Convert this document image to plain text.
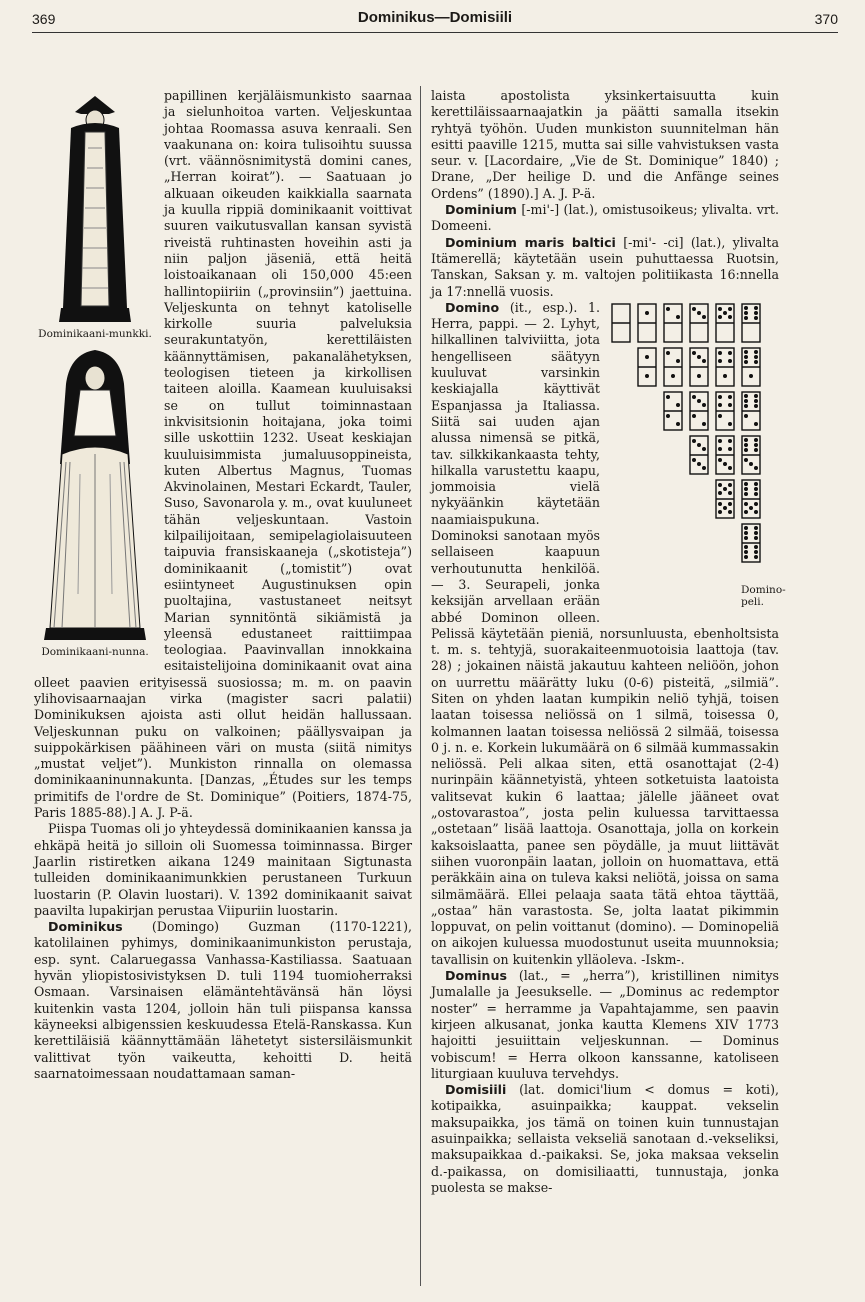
369	Dominikus—Domisiili	370
Dominikaani-munkki.
Dominikaani-nunna.

papillinen kerjäläismunkisto saarnaa ja sielunhoitoa varten. Veljeskuntaa johtaa Roomassa asuva kenraali. Sen vaakunana on: koira tulisoihtu suussa (vrt. väännösnimitystä domini canes, „Herran koirat”). — Saatuaan jo alkuaan oikeuden kaikkialla saarnata ja kuulla rippiä dominikaanit voittivat suuren vaikutusvallan kansan syvistä riveistä ruhtinasten hoveihin asti ja niin paljon jäseniä, että heitä loistoaikanaan oli 150,000 45:een hallintopiiriin („provinsiin”) jaettuina. Veljeskunta on tehnyt katoliselle kirkolle suuria palveluksia seurakuntatyön, kerettiläisten käännyttämisen, pakanalähetyksen, teologisen tieteen ja kirkollisen taiteen aloilla. Kaamean kuuluisaksi se on tullut toiminnastaan inkvisitsionin hoitajana, joka toimi sille uskottiin 1232. Useat keskiajan kuuluisimmista jumaluusoppineista, kuten Albertus Magnus, Tuomas Akvinolainen, Mestari Eckardt, Tauler, Suso, Savonarola y. m., ovat kuuluneet tähän veljeskuntaan. Vastoin kilpailijoitaan, semipelagiolaisuuteen taipuvia fransiskaaneja („skotisteja”) dominikaanit („tomistit”) ovat esiintyneet Augustinuksen opin puoltajina, vastustaneet neitsyt Marian synnitöntä sikiämistä ja yleensä edustaneet raittiimpaa teologiaa. Paavinvallan innokkaina esitaistelijoina dominikaanit ovat aina olleet paavien erityisessä suosiossa; m. m. on paavin ylihovisaarnaajan virka (magister sacri palatii) Dominikuksen ajoista asti ollut heidän hallussaan. Veljeskunnan puku on valkoinen; päällysvaipan ja suippokärkisen päähineen väri on musta (siitä nimitys „mustat veljet”). Munkiston rinnalla on olemassa dominikaaninunnakunta. [Danzas, „Études sur les temps primitifs de l'ordre de St. Dominique” (Poitiers, 1874-75, Paris 1885-88).] A. J. P-ä.

Piispa Tuomas oli jo yhteydessä dominikaanien kanssa ja ehkäpä heitä jo silloin oli Suomessa toiminnassa. Birger Jaarlin ristiretken aikana 1249 mainitaan Sigtunasta tulleiden dominikaanimunkkien perustaneen Turkuun luostarin (P. Olavin luostari). V. 1392 dominikaanit saivat paavilta lupakirjan perustaa Viipuriin luostarin.

Dominikus (Domingo) Guzman (1170-1221), katolilainen pyhimys, dominikaanimunkiston perustaja, esp. synt. Calaruegassa Vanhassa-Kastiliassa. Saatuaan hyvän yliopistosivistyksen D. tuli 1194 tuomioherraksi Osmaan. Varsinaisen elämäntehtävänsä hän löysi kuitenkin vasta 1204, jolloin hän tuli piispansa kanssa käyneeksi albigenssien keskuudessa Etelä-Ranskassa. Kun kerettiläisiä käännyttämään lähetetyt sistersiläismunkit valittivat työn vaikeutta, kehoitti D. heitä saarnatoimessaan noudattamaan saman-

laista apostolista yksinkertaisuutta kuin kerettiläissaarnaajatkin ja päätti samalla itsekin ryhtyä työhön. Uuden munkiston suunnitelman hän esitti paaville 1215, mutta sai sille vahvistuksen vasta seur. v. [Lacordaire, „Vie de St. Dominique” 1840) ; Drane, „Der heilige D. und die Anfänge seines Ordens” (1890).] A. J. P-ä.

Dominium [-mi'-] (lat.), omistusoikeus; ylivalta. vrt. Domeeni.

Dominium maris baltici [-mi'- -ci] (lat.), ylivalta Itämerellä; käytetään usein puhuttaessa Ruotsin, Tanskan, Saksan y. m. valtojen politiikasta 16:nnella ja 17:nnellä vuosis.

Domino-peli.

Domino (it., esp.). 1. Herra, pappi. — 2. Lyhyt, hilkallinen talviviitta, jota hengelliseen säätyyn kuuluvat varsinkin keskiajalla käyttivät Espanjassa ja Italiassa. Siitä sai uuden ajan alussa nimensä se pitkä, tav. silkkikankaasta tehty, hilkalla varustettu kaapu, jommoisia vielä nykyäänkin käytetään naamiaispukuna. Dominoksi sanotaan myös sellaiseen kaapuun verhoutunutta henkilöä. — 3. Seurapeli, jonka keksijän arvellaan erään abbé Dominon olleen. Pelissä käytetään pieniä, norsunluusta, ebenholtsista t. m. s. tehtyjä, suorakaiteenmuotoisia laattoja (tav. 28) ; jokainen näistä jakautuu kahteen neliöön, johon on uurrettu määrätty luku (0-6) pisteitä, „silmiä”. Siten on yhden laatan kumpikin neliö tyhjä, toisen laatan toisessa neliössä on 1 silmä, toisessa 0, kolmannen laatan toisessa neliössä 2 silmää, toisessa 0 j. n. e. Korkein lukumäärä on 6 silmää kummassakin neliössä. Peli alkaa siten, että osanottajat (2-4) nurinpäin käännetyistä, yhteen sotketuista laatoista valitsevat kukin 6 laattaa; jälelle jääneet ovat „ostovarastoa”, josta pelin kuluessa tarvittaessa „ostetaan” lisää laattoja. Osanottaja, jolla on korkein kaksoislaatta, panee sen pöydälle, ja muut liittävät siihen vuoronpäin laatan, jolloin on huomattava, että peräkkäin aina on tuleva kaksi neliötä, joissa on sama silmämäärä. Ellei pelaaja saata tätä ehtoa täyttää, „ostaa” hän varastosta. Se, jolta laatat pikimmin loppuvat, on pelin voittanut (domino). — Dominopeliä on aikojen kuluessa muodostunut useita muunnoksia; tavallisin on kuitenkin ylläoleva. -Iskm-.

Dominus (lat., = „herra”), kristillinen nimitys Jumalalle ja Jeesukselle. — „Dominus ac redemptor noster” = herramme ja Vapahtajamme, sen paavin kirjeen alkusanat, jonka kautta Klemens XIV 1773 hajoitti jesuiittain veljeskunnan. — Dominus vobiscum! = Herra olkoon kanssanne, katoliseen liturgiaan kuuluva tervehdys.

Domisiili (lat. domici'lium < domus = koti), kotipaikka, asuinpaikka; kauppat. vekselin maksupaikka, jos tämä on toinen kuin tunnustajan asuinpaikka; sellaista vekseliä sanotaan d.-vekseliksi, maksupaikkaa d.-paikaksi. Se, joka maksaa vekselin d.-paikassa, on domisiliaatti, tunnustaja, jonka puolesta se makse-
